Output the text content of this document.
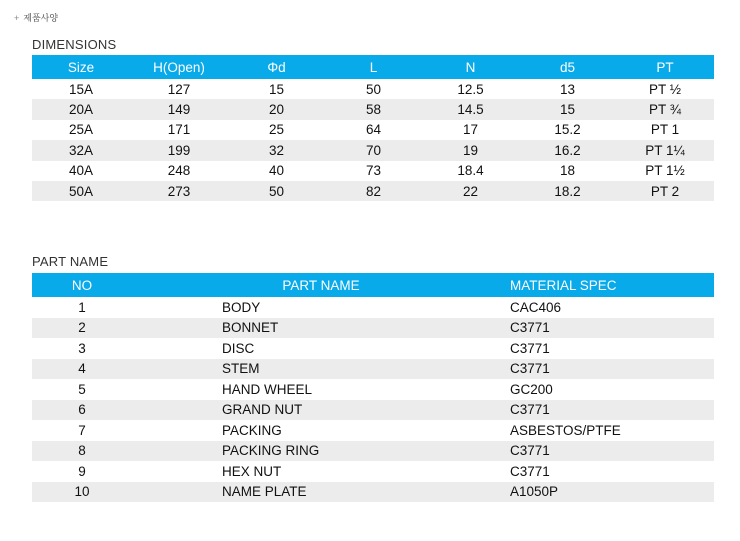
+ 제품사양
DIMENSIONS
Size	H(Open)	Φd	L	N	d5	PT
15A	127	15	50	12.5	13	PT ½
20A	149	20	58	14.5	15	PT ¾
25A	171	25	64	17	15.2	PT 1
32A	199	32	70	19	16.2	PT 1¼
40A	248	40	73	18.4	18	PT 1½
50A	273	50	82	22	18.2	PT 2
PART NAME
NO	PART NAME	MATERIAL SPEC
1	BODY	CAC406
2	BONNET	C3771
3	DISC	C3771
4	STEM	C3771
5	HAND WHEEL	GC200
6	GRAND NUT	C3771
7	PACKING	ASBESTOS/PTFE
8	PACKING RING	C3771
9	HEX NUT	C3771
10	NAME PLATE	A1050P
